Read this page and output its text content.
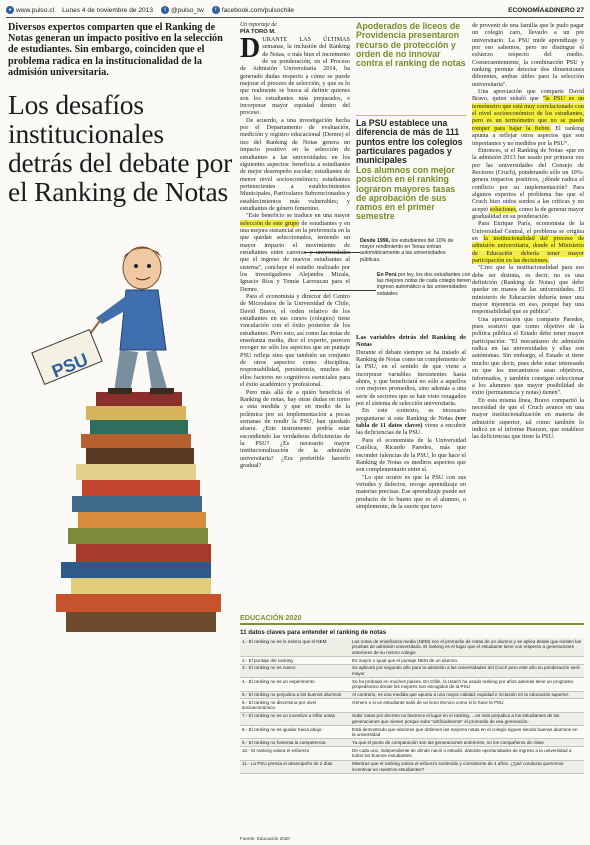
● www.pulso.cl Lunes 4 de noviembre de 2013	t @pulso_tw	f facebook.com/pulsochile	ECONOMÍA&DINERO 27
Diversos expertos comparten que el Ranking de Notas generan un impacto positivo en la selección de estudiantes. Sin embargo, coinciden que el problema radica en la institucionalidad de la admisión universitaria.
Los desafíos institucionales detrás del debate por el Ranking de Notas
PSU
Un reportaje de
PÍA TORO M.

DURANTE LAS ÚLTIMAS semanas, la inclusión del Ranking de Notas, o más bien el incremento de su ponderación, en el Proceso de Admisión Universitaria 2014, ha generado dudas respecto a cómo se puede mejorar el proceso de selección, y que es lo que realmente se busca al definir quienes son los estudiantes más preparados, e incorporar mayor equidad dentro del proceso.

De acuerdo, a una investigación hecha por el Departamento de evaluación, medición y registro educacional (Demre) el uso del Ranking de Notas genera un impacto positivo en la selección de estudiantes a las universidades en los siguientes aspectos: beneficia a estudiantes de mejor desempeño escolar; estudiantes de menor nivel socioeconómico; estudiantes pertenecientes a establecimientos Municipales, Particulares Subvencionados y establecimientos más vulnerables; y estudiantes de género femenino.

"Este beneficio se traduce en una mayor selección de este grupo de estudiantes y en una mejora sustancial en la preferencia en la que quedan seleccionados, teniendo un mayor impacto el movimiento de estudiantes entre carreras y universidades que el ingreso de nuevos estudiantes al sistema", concluye el estudio realizado por los investigadores Alejandra Mizala, Ignacio Ríos y Tomás Larroucau para el Demre.

Para el economista y director del Centro de Microdatos de la Universidad de Chile, David Bravo, el orden relativo de los estudiantes en sus cursos (colegios) tiene vinculación con el éxito posterior de los estudiantes. Pero esto, así como las notas de enseñanza media, dice el experto, parecen recoger no sólo los aspectos que un puntaje PSU refleja sino que también un conjunto de otros aspectos como disciplina, responsabilidad, persistencia, muchos de ellos factores no cognitivos esenciales para el éxito académico y profesional.

Pero más allá de a quién beneficia el Ranking de notas, hay otras dudas en torno a esta medida y que en medio de la polémica por su implementación a pocas semanas de rendir la PSU, han quedado afuera. ¿Este instrumento podría estar escondiendo las verdaderas deficiencias de la PSU? ¿Es necesario mayor institucionalización de la admisión universitaria? ¿Era preferible hacerlo gradual?

Apoderados de liceos de Providencia presentaron recurso de protección y orden de no innovar contra el ranking de notas
La PSU establece una diferencia de más de 111 puntos entre los colegios particulares pagados y municipales
Los alumnos con mejor posición en el ranking lograron mayores tasas de aprobación de sus ramos en el primer semestre
Desde 1996, los estudiantes del 10% de mayor rendimiento en Texas entran automáticamente a las universidades públicas.
En Perú por ley, los dos estudiantes con las mejores notas de cada colegio tienen ingreso automático a las universidades estatales

Las variables detrás del Ranking de Notas

Durante el debate siempre se ha tratado al Ranking de Notas como un complemento de la PSU, en el sentido de que viene a incorporar variables inexistentes hasta ahora, y que beneficiará no sólo a aquellos con mejores promedios, sino además a una serie de sectores que se han visto rezagados por el sistema de selección universitaria.

En este contexto, es necesario preguntarse si este Ranking de Notas (ver tabla de 11 datos claves) viene a encubrir las deficiencias de la PSU.

Para el economista de la Universidad Católica, Ricardo Paredes, más que esconder falencias de la PSU, lo que hace el Ranking de Notas es mediros aspectos que son complementario entre sí.

"Lo que ocurre es que la PSU con sus virtudes y defectos, recoge aprendizaje en materias precisas. Ese aprendizaje puede ser producto de lo bueno que es el alumno, o simplemente, de la suerte que tuvo

de provenir de una familia que le pudo pagar un colegio caro, llevarlo a un pre universitario. La PSU mide aprendizaje y por eso sabemos, pero no distingue el esfuerzo respecto del medio. Consecuentemente, la combinación PSU y ranking permite detectar dos dimensiones diferentes, ambas útiles para la selección universitaria".

Una apreciación que comparte David Bravo, quien señaló que "la PSU es un termómetro que está muy correlacionado con el nivel socioeconómico de los estudiantes, pero es un termómetro que no se puede romper para bajar la fiebre. El ranking apunta a reflejar otros aspectos que son importantes y no medidos por la PSU".

Entonces, si el Ranking de Notas -que en la admisión 2013 fue usado por primera vez por las universidades del Consejo de Rectores (Cruch), ponderando sólo un 10%- genera impactos positivos, ¿dónde radica el conflicto por su implementación? Para algunos expertos el problema fue que el Cruch hizo oídos sordos a las críticas y no aceptó soluciones, como la de generar mayor gradualidad en su ponderación.

Para Enrique París, economista de la Universidad Central, el problema se origina en la institucionalidad del proceso de admisión universitaria, donde el Ministerio de Educación debería tener mayor participación en las decisiones.

"Creo que la institucionalidad para eso debe ser distinta, es decir, no es una definición (Ranking de Notas) que debe quedar en manos de las universidades. El ministerio de Educación debería tener una mayor injerencia en eso, porque hay una responsabilidad que es pública".

Una apreciación que comparte Paredes, pues sostuvo que como objetivo de la política pública el Estado debe tener mayor participación: "El mecanismo de admisión radica en las universidades y ellas son autónomas. Sin embargo, el Estado si tiene mucho que decir, pues debe estar interesado en que los mecanismos sean objetivos, informados, y también consigan seleccionar a los alumnos que mayor posibilidad de éxito (permanencia y notas) tienen".

En esta misma línea, Bravo compartió la necesidad de que el Cruch avance en una mayor institucionalización en materia de admisión superior, tal como también lo indicó en el informe Pearson, que establece las deficiencias que tiene la PSU.

EDUCACIÓN 2020
11 datos claves para entender el ranking de notas
1.- El ranking no es lo mismo que el NEM	Las notas de enseñanza media (NEM) son el promedio de notas de un alumno y se aplica desde que existen las pruebas de admisión universitaria. El ranking es el lugar que el estudiante tiene con respecto a generaciones anteriores de su mismo colegio
2.- El puntaje del ranking	Es mayor o igual que el puntaje NEM de un alumno.
3.- El ranking no es nuevo	Se aplicará por segundo año para la admisión a las universidades del Cruch pero este año su ponderación será mayor
4.- El ranking no es un experimento	Se ha probado en muchos países. En Chile, la Usach ha usado ranking por años además tiene un programa propedéutico donde los mejores son escogidos de la PSU
5.- El ranking no perjudica a los buenos alumnos	Al contrario, es una medida que apunta a una mayor calidad, equidad e inclusión en la educación superior.
6.- El ranking no discrimina por nivel socioeconómico	Género o si un estudiante salió de un liceo técnico como si lo hace la PSU.
7.- El ranking no es un incentivo a inflar notas	Subir notas por decreto no favorece el lugar en el ranking, ...es más perjudica a los estudiantes de las generaciones que vienen porque sube "artificialmente" el promedio de esa generación.
8.- El ranking no es igualar hacia abajo	Está demostrado que alumnos que obtienen las mejores notas en el colegio siguen siendo buenos alumnos en la universidad
9.- El ranking no fomenta la competencia	Ya que el punto de comparación son las generaciones anteriores, no los compañeros de clase
10.- El ranking valora el esfuerzo	De cada uno, independiente de dónde nació o estudió, dándole oportunidades de ingreso a la universidad a todos los buenos estudiantes.
11.- La PSU premia el desempeño de 2 días	Mientras que el ranking valora el esfuerzo sostenido y consistente de 4 años. ¿Qué conducta queremos incentivar en nuestros estudiantes?
Fuente: Educación 2020
